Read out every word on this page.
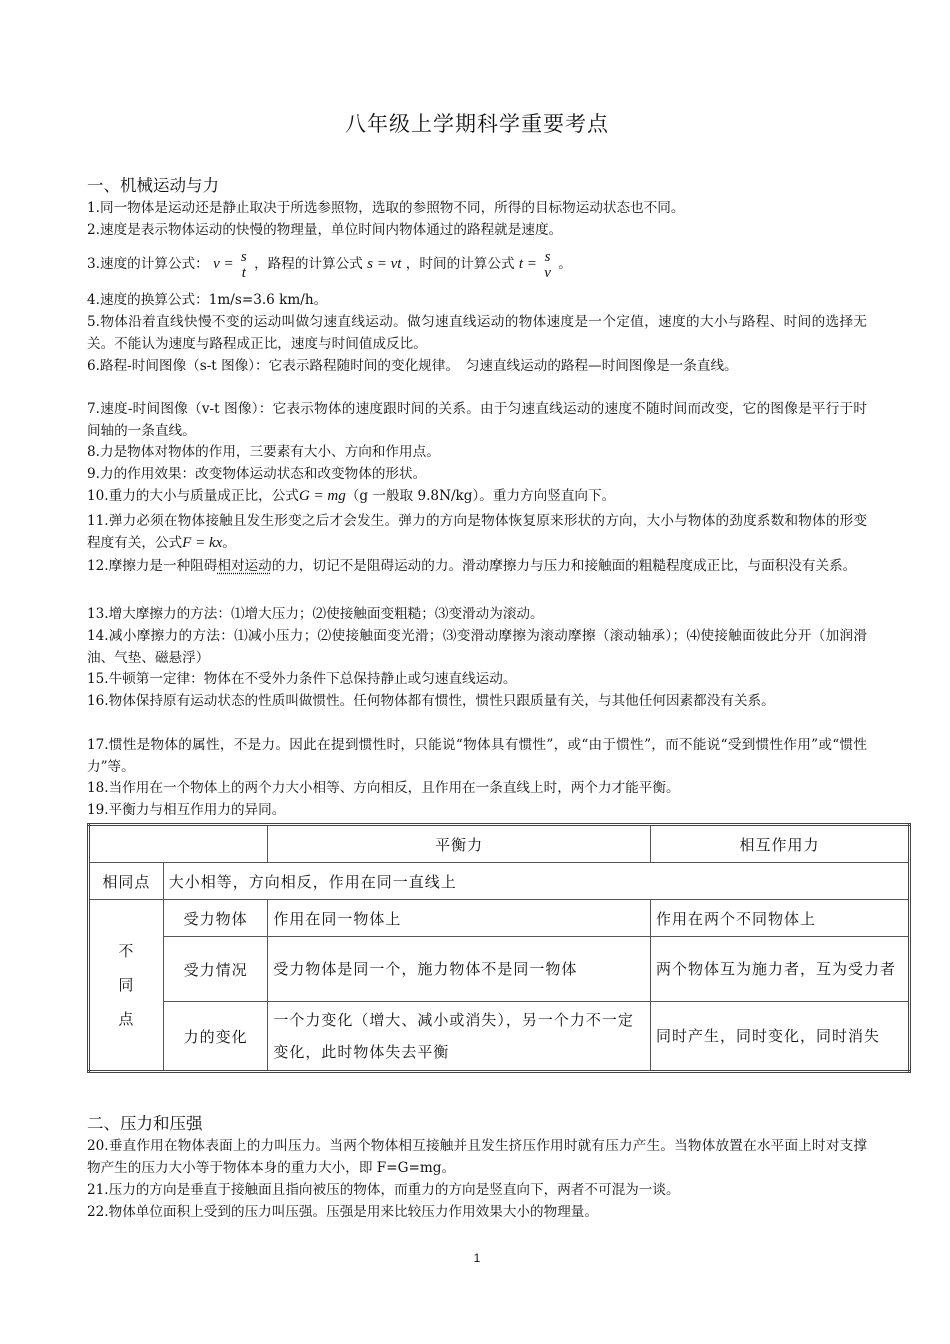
八年级上学期科学重要考点
一、机械运动与力
1.同一物体是运动还是静止取决于所选参照物，选取的参照物不同，所得的目标物运动状态也不同。
2.速度是表示物体运动的快慢的物理量，单位时间内物体通过的路程就是速度。
3.速度的计算公式： v = s
t
，路程的计算公式 s = vt ，时间的计算公式 t = s
v
。
4.速度的换算公式：1m/s=3.6 km/h。
5.物体沿着直线快慢不变的运动叫做匀速直线运动。做匀速直线运动的物体速度是一个定值，速度的大小与路程、时间的选择无关。不能认为速度与路程成正比，速度与时间值成反比。
6.路程-时间图像（s-t 图像）：它表示路程随时间的变化规律。　匀速直线运动的路程—时间图像是一条直线。
7.速度-时间图像（v-t 图像）：它表示物体的速度跟时间的关系。由于匀速直线运动的速度不随时间而改变，它的图像是平行于时间轴的一条直线。
8.力是物体对物体的作用，三要素有大小、方向和作用点。
9.力的作用效果：改变物体运动状态和改变物体的形状。
10.重力的大小与质量成正比，公式G = mg（g 一般取 9.8N/kg）。重力方向竖直向下。
11.弹力必须在物体接触且发生形变之后才会发生。弹力的方向是物体恢复原来形状的方向，大小与物体的劲度系数和物体的形变程度有关，公式F = kx。
12.摩擦力是一种阻碍相对运动的力，切记不是阻碍运动的力。滑动摩擦力与压力和接触面的粗糙程度成正比，与面积没有关系。
13.增大摩擦力的方法：⑴增大压力；⑵使接触面变粗糙；⑶变滑动为滚动。
14.减小摩擦力的方法：⑴减小压力；⑵使接触面变光滑；⑶变滑动摩擦为滚动摩擦（滚动轴承）；⑷使接触面彼此分开（加润滑油、气垫、磁悬浮）
15.牛顿第一定律：物体在不受外力条件下总保持静止或匀速直线运动。
16.物体保持原有运动状态的性质叫做惯性。任何物体都有惯性，惯性只跟质量有关，与其他任何因素都没有关系。
17.惯性是物体的属性，不是力。因此在提到惯性时，只能说“物体具有惯性”，或“由于惯性”，而不能说“受到惯性作用”或“惯性力”等。
18.当作用在一个物体上的两个力大小相等、方向相反，且作用在一条直线上时，两个力才能平衡。
19.平衡力与相互作用力的异同。
		平衡力	相互作用力
相同点	大小相等，方向相反，作用在同一直线上		
不
同
点	受力物体	作用在同一物体上	作用在两个不同物体上
	受力情况	受力物体是同一个，施力物体不是同一物体	两个物体互为施力者，互为受力者
	力的变化	一个力变化（增大、减小或消失），另一个力不一定变化，此时物体失去平衡	同时产生，同时变化，同时消失
二、压力和压强
20.垂直作用在物体表面上的力叫压力。当两个物体相互接触并且发生挤压作用时就有压力产生。当物体放置在水平面上时对支撑物产生的压力大小等于物体本身的重力大小，即 F=G=mg。
21.压力的方向是垂直于接触面且指向被压的物体，而重力的方向是竖直向下，两者不可混为一谈。
22.物体单位面积上受到的压力叫压强。压强是用来比较压力作用效果大小的物理量。
1
